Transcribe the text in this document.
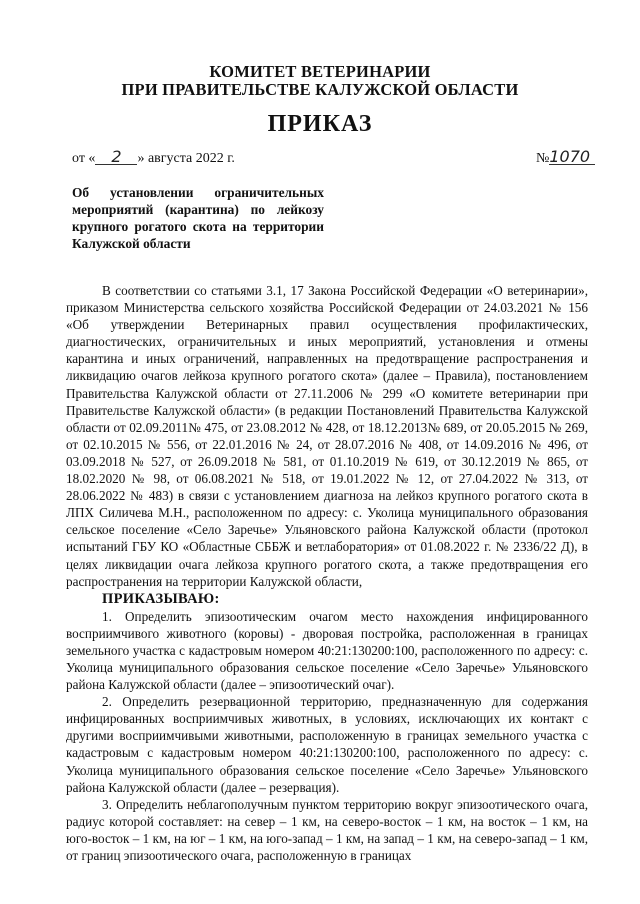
КОМИТЕТ ВЕТЕРИНАРИИ
ПРИ ПРАВИТЕЛЬСТВЕ КАЛУЖСКОЙ ОБЛАСТИ
ПРИКАЗ
от « 2 » августа 2022 г.	№1070
Об установлении ограничительных мероприятий (карантина) по лейкозу крупного рогатого скота на территории Калужской области

В соответствии со статьями 3.1, 17 Закона Российской Федерации «О ветеринарии», приказом Министерства сельского хозяйства Российской Федерации от 24.03.2021 № 156 «Об утверждении Ветеринарных правил осуществления профилактических, диагностических, ограничительных и иных мероприятий, установления и отмены карантина и иных ограничений, направленных на предотвращение распространения и ликвидацию очагов лейкоза крупного рогатого скота» (далее – Правила), постановлением Правительства Калужской области от 27.11.2006 № 299 «О комитете ветеринарии при Правительстве Калужской области» (в редакции Постановлений Правительства Калужской области от 02.09.2011№ 475, от 23.08.2012 № 428, от 18.12.2013№ 689, от 20.05.2015 № 269, от 02.10.2015 № 556, от 22.01.2016 № 24, от 28.07.2016 № 408, от 14.09.2016 № 496, от 03.09.2018 № 527, от 26.09.2018 № 581, от 01.10.2019 № 619, от 30.12.2019 № 865, от 18.02.2020 № 98, от 06.08.2021 № 518, от 19.01.2022 № 12, от 27.04.2022 № 313, от 28.06.2022 № 483) в связи с установлением диагноза на лейкоз крупного рогатого скота в ЛПХ Силичева М.Н., расположенном по адресу: с. Уколица муниципального образования сельское поселение «Село Заречье» Ульяновского района Калужской области (протокол испытаний ГБУ КО «Областные СББЖ и ветлаборатория» от 01.08.2022 г. № 2336/22 Д), в целях ликвидации очага лейкоза крупного рогатого скота, а также предотвращения его распространения на территории Калужской области,

ПРИКАЗЫВАЮ:

1. Определить эпизоотическим очагом место нахождения инфицированного восприимчивого животного (коровы) - дворовая постройка, расположенная в границах земельного участка с кадастровым номером 40:21:130200:100, расположенного по адресу: с. Уколица муниципального образования сельское поселение «Село Заречье» Ульяновского района Калужской области (далее – эпизоотический очаг).

2. Определить резервационной территорию, предназначенную для содержания инфицированных восприимчивых животных, в условиях, исключающих их контакт с другими восприимчивыми животными, расположенную в границах земельного участка с кадастровым с кадастровым номером 40:21:130200:100, расположенного по адресу: с. Уколица муниципального образования сельское поселение «Село Заречье» Ульяновского района Калужской области (далее – резервация).

3. Определить неблагополучным пунктом территорию вокруг эпизоотического очага, радиус которой составляет: на север – 1 км, на северо-восток – 1 км, на восток – 1 км, на юго-восток – 1 км, на юг – 1 км, на юго-запад – 1 км, на запад – 1 км, на северо-запад – 1 км, от границ эпизоотического очага, расположенную в границах
